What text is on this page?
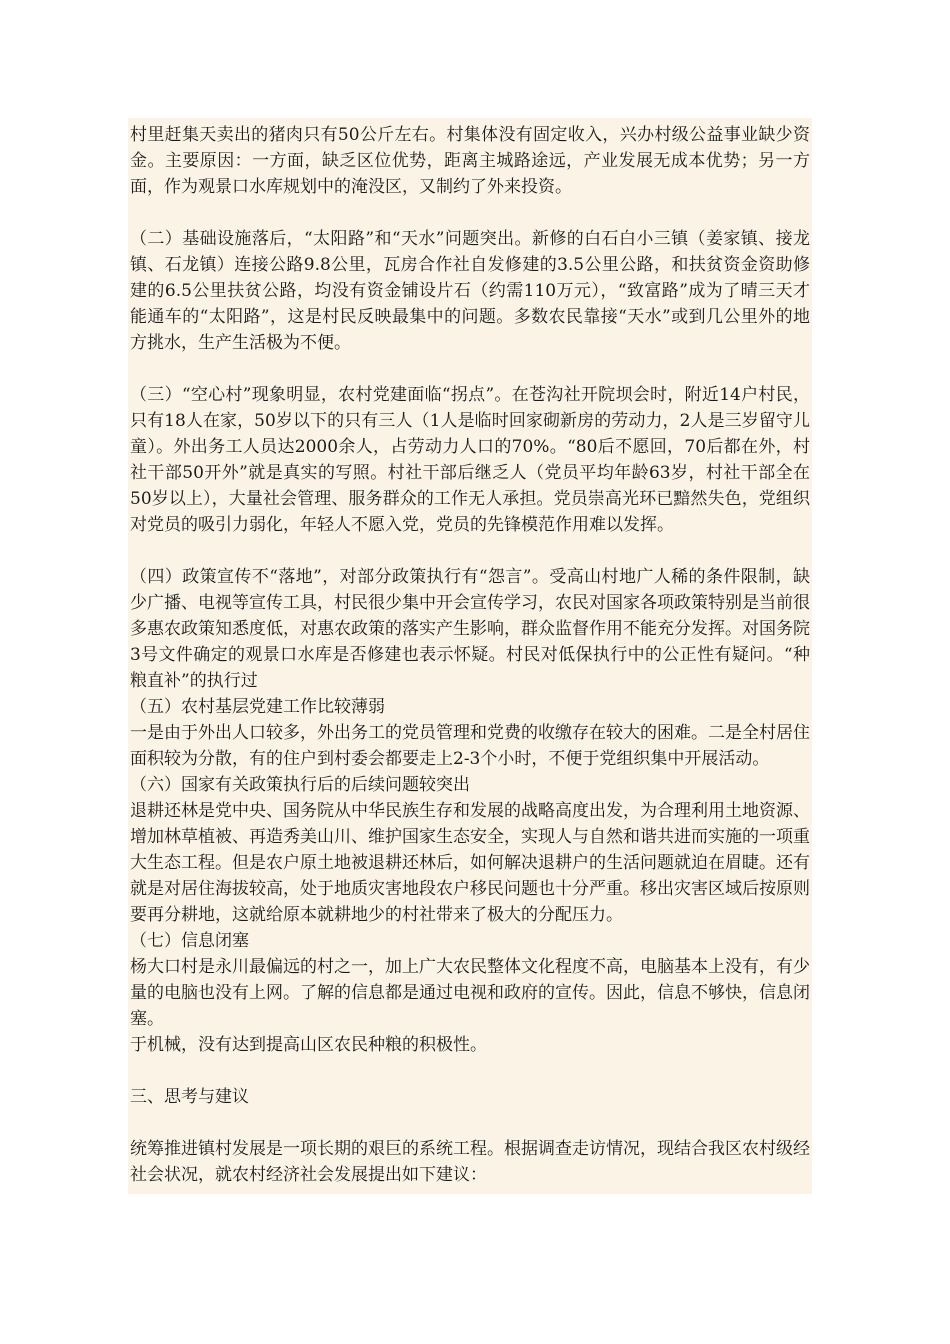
村里赶集天卖出的猪肉只有50公斤左右。村集体没有固定收入，兴办村级公益事业缺少资金。主要原因：一方面，缺乏区位优势，距离主城路途远，产业发展无成本优势；另一方面，作为观景口水库规划中的淹没区，又制约了外来投资。

（二）基础设施落后，“太阳路”和“天水”问题突出。新修的白石白小三镇（姜家镇、接龙镇、石龙镇）连接公路9.8公里，瓦房合作社自发修建的3.5公里公路，和扶贫资金资助修建的6.5公里扶贫公路，均没有资金铺设片石（约需110万元），“致富路”成为了晴三天才能通车的“太阳路”，这是村民反映最集中的问题。多数农民靠接“天水”或到几公里外的地方挑水，生产生活极为不便。

（三）“空心村”现象明显，农村党建面临“拐点”。在苍沟社开院坝会时，附近14户村民，只有18人在家，50岁以下的只有三人（1人是临时回家砌新房的劳动力，2人是三岁留守儿童）。外出务工人员达2000余人，占劳动力人口的70%。“80后不愿回，70后都在外，村社干部50开外”就是真实的写照。村社干部后继乏人（党员平均年龄63岁，村社干部全在50岁以上），大量社会管理、服务群众的工作无人承担。党员崇高光环已黯然失色，党组织对党员的吸引力弱化，年轻人不愿入党，党员的先锋模范作用难以发挥。

（四）政策宣传不“落地”，对部分政策执行有“怨言”。受高山村地广人稀的条件限制，缺少广播、电视等宣传工具，村民很少集中开会宣传学习，农民对国家各项政策特别是当前很多惠农政策知悉度低，对惠农政策的落实产生影响，群众监督作用不能充分发挥。对国务院3号文件确定的观景口水库是否修建也表示怀疑。村民对低保执行中的公正性有疑问。“种粮直补”的执行过

（五）农村基层党建工作比较薄弱

一是由于外出人口较多，外出务工的党员管理和党费的收缴存在较大的困难。二是全村居住面积较为分散，有的住户到村委会都要走上2-3个小时，不便于党组织集中开展活动。

（六）国家有关政策执行后的后续问题较突出

退耕还林是党中央、国务院从中华民族生存和发展的战略高度出发，为合理利用土地资源、增加林草植被、再造秀美山川、维护国家生态安全，实现人与自然和谐共进而实施的一项重大生态工程。但是农户原土地被退耕还林后，如何解决退耕户的生活问题就迫在眉睫。还有就是对居住海拔较高，处于地质灾害地段农户移民问题也十分严重。移出灾害区域后按原则要再分耕地，这就给原本就耕地少的村社带来了极大的分配压力。

（七）信息闭塞

杨大口村是永川最偏远的村之一，加上广大农民整体文化程度不高，电脑基本上没有，有少量的电脑也没有上网。了解的信息都是通过电视和政府的宣传。因此，信息不够快，信息闭塞。

于机械，没有达到提高山区农民种粮的积极性。

三、思考与建议

统筹推进镇村发展是一项长期的艰巨的系统工程。根据调查走访情况，现结合我区农村级经社会状况，就农村经济社会发展提出如下建议：
